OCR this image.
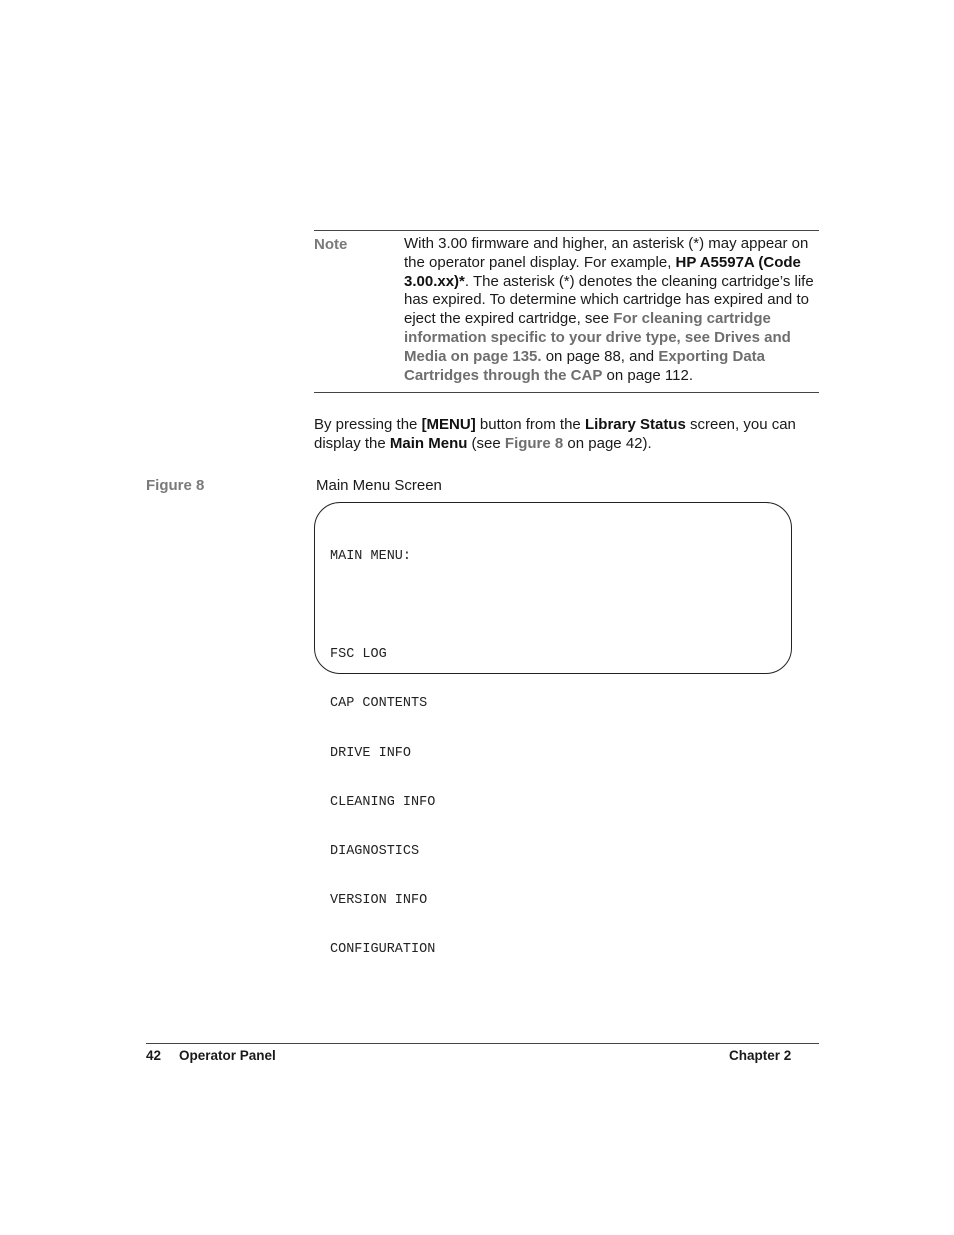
Note	With 3.00 firmware and higher, an asterisk (*) may appear on the operator panel display. For example, HP A5597A (Code 3.00.xx)*. The asterisk (*) denotes the cleaning cartridge’s life has expired. To determine which cartridge has expired and to eject the expired cartridge, see For cleaning cartridge information specific to your drive type, see Drives and Media on page 135. on page 88, and Exporting Data Cartridges through the CAP on page 112.
By pressing the [MENU] button from the Library Status screen, you can display the Main Menu (see Figure 8 on page 42).
Figure 8	Main Menu Screen

MAIN MENU:

FSC LOG

CAP CONTENTS

DRIVE INFO

CLEANING INFO

DIAGNOSTICS

VERSION INFO

CONFIGURATION

42 Operator Panel	Chapter 2
